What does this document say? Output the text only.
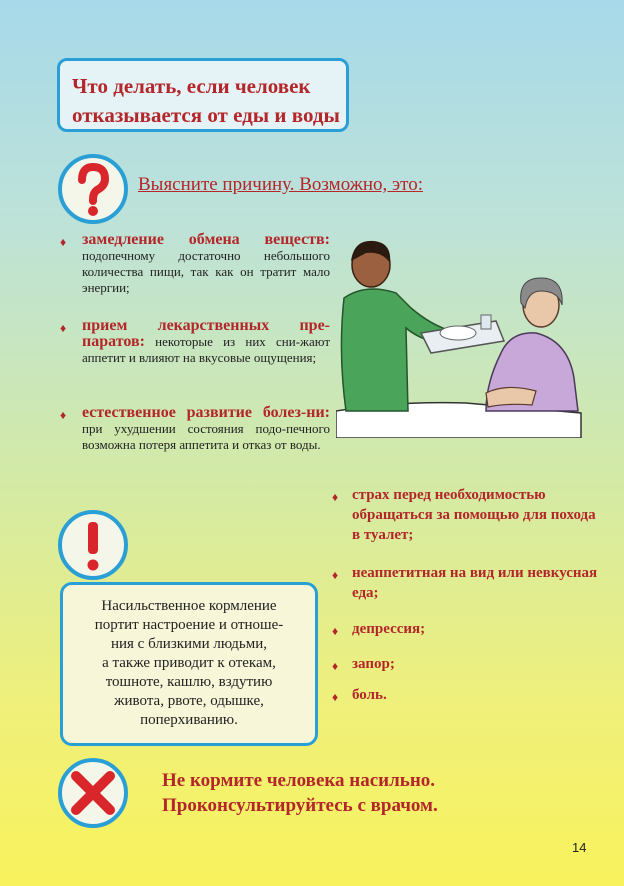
Что делать, если человек
отказывается от еды и воды
Выясните причину. Возможно, это:
♦ замедление обмена веществ: подопечному достаточно небольшого количества пищи, так как он тратит мало энергии;
♦ прием лекарственных пре-паратов: некоторые из них сни-жают аппетит и влияют на вкусовые ощущения;
♦ естественное развитие болез-ни: при ухудшении состояния подо-печного возможна потеря аппетита и отказ от воды.
♦ страх перед необходимостью обращаться за помощью для похода в туалет;
♦ неаппетитная на вид или невкусная еда;
♦ депрессия;
♦ запор;
♦ боль.
Насильственное кормление
портит настроение и отноше-
ния с близкими людьми,
а также приводит к отекам,
тошноте, кашлю, вздутию
живота, рвоте, одышке,
поперхиванию.
Не кормите человека насильно.
Проконсультируйтесь с врачом.
14
